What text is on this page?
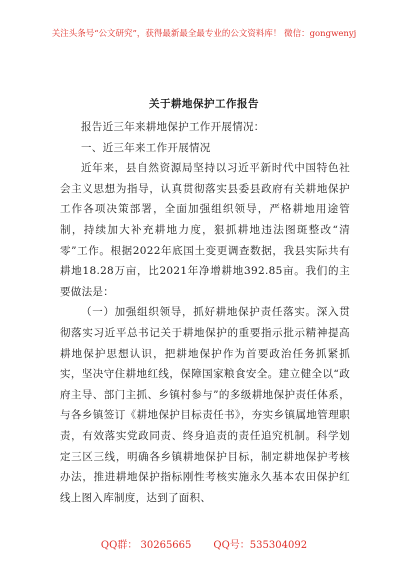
关注头条号“公文研究”，获得最新最全最专业的公文资料库！ 微信：gongwenyj
关于耕地保护工作报告

报告近三年来耕地保护工作开展情况：

一、近三年来工作开展情况

近年来，县自然资源局坚持以习近平新时代中国特色社会主义思想为指导，认真贯彻落实县委县政府有关耕地保护工作各项决策部署，全面加强组织领导，严格耕地用途管制，持续加大补充耕地力度，狠抓耕地违法图斑整改“清零”工作。根据2022年底国土变更调查数据，我县实际共有耕地18.28万亩，比2021年净增耕地392.85亩。我们的主要做法是：

（一）加强组织领导，抓好耕地保护责任落实。深入贯彻落实习近平总书记关于耕地保护的重要指示批示精神提高耕地保护思想认识，把耕地保护作为首要政治任务抓紧抓实，坚决守住耕地红线，保障国家粮食安全。建立健全以“政府主导、部门主抓、乡镇村参与”的多级耕地保护责任体系，与各乡镇签订《耕地保护目标责任书》，夯实乡镇属地管理职责，有效落实党政同责、终身追责的责任追究机制。科学划定三区三线，明确各乡镇耕地保护目标，制定耕地保护考核办法，推进耕地保护指标刚性考核实施永久基本农田保护红线上图入库制度，达到了面积、

QQ群： 30265665 QQ号：535304092
